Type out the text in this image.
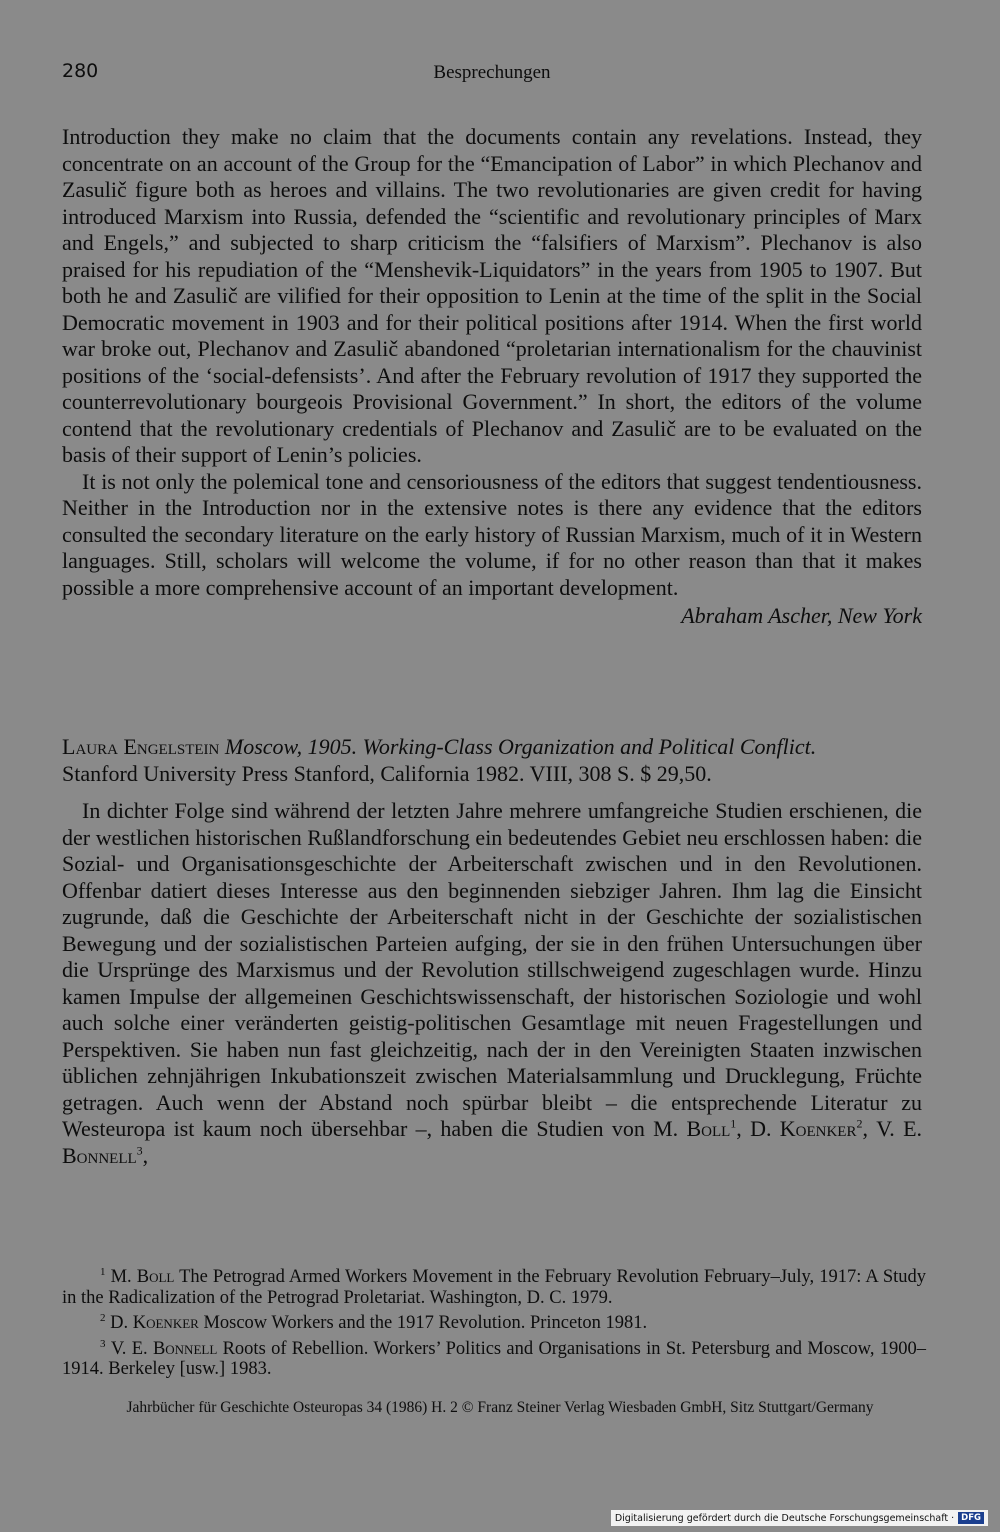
280	Besprechungen

Introduction they make no claim that the documents contain any revelations. Instead, they concentrate on an account of the Group for the “Emancipation of Labor” in which Plechanov and Zasulič figure both as heroes and villains. The two revolutionaries are given credit for having introduced Marxism into Russia, defended the “scientific and revolutionary principles of Marx and Engels,” and subjected to sharp criticism the “falsifiers of Marxism”. Plechanov is also praised for his repudiation of the “Menshevik-Liquidators” in the years from 1905 to 1907. But both he and Zasulič are vilified for their opposition to Lenin at the time of the split in the Social Democratic movement in 1903 and for their political positions after 1914. When the first world war broke out, Plechanov and Zasulič abandoned “proletarian internationalism for the chauvinist positions of the ‘social-defensists’. And after the February revolution of 1917 they supported the counterrevolutionary bourgeois Provisional Government.” In short, the editors of the volume contend that the revolutionary credentials of Plechanov and Zasulič are to be evaluated on the basis of their support of Lenin’s policies.

It is not only the polemical tone and censoriousness of the editors that suggest tendentiousness. Neither in the Introduction nor in the extensive notes is there any evidence that the editors consulted the secondary literature on the early history of Russian Marxism, much of it in Western languages. Still, scholars will welcome the volume, if for no other reason than that it makes possible a more comprehensive account of an important development.

Abraham Ascher, New York

Laura Engelstein Moscow, 1905. Working-Class Organization and Political Conflict.
Stanford University Press Stanford, California 1982. VIII, 308 S. $ 29,50.

In dichter Folge sind während der letzten Jahre mehrere umfangreiche Studien erschienen, die der westlichen historischen Rußlandforschung ein bedeutendes Gebiet neu erschlossen haben: die Sozial- und Organisationsgeschichte der Arbeiterschaft zwischen und in den Revolutionen. Offenbar datiert dieses Interesse aus den beginnenden siebziger Jahren. Ihm lag die Einsicht zugrunde, daß die Geschichte der Arbeiterschaft nicht in der Geschichte der sozialistischen Bewegung und der sozialistischen Parteien aufging, der sie in den frühen Untersuchungen über die Ursprünge des Marxismus und der Revolution stillschweigend zugeschlagen wurde. Hinzu kamen Impulse der allgemeinen Geschichtswissenschaft, der historischen Soziologie und wohl auch solche einer veränderten geistig-politischen Gesamtlage mit neuen Fragestellungen und Perspektiven. Sie haben nun fast gleichzeitig, nach der in den Vereinigten Staaten inzwischen üblichen zehnjährigen Inkubationszeit zwischen Materialsammlung und Drucklegung, Früchte getragen. Auch wenn der Abstand noch spürbar bleibt – die entsprechende Literatur zu Westeuropa ist kaum noch übersehbar –, haben die Studien von M. Boll$^1$, D. Koenker$^2$, V. E. Bonnell$^3$,

$^1$ M. Boll The Petrograd Armed Workers Movement in the February Revolution February–July, 1917: A Study in the Radicalization of the Petrograd Proletariat. Washington, D. C. 1979.

$^2$ D. Koenker Moscow Workers and the 1917 Revolution. Princeton 1981.

$^3$ V. E. Bonnell Roots of Rebellion. Workers’ Politics and Organisations in St. Petersburg and Moscow, 1900–1914. Berkeley [usw.] 1983.

Jahrbücher für Geschichte Osteuropas 34 (1986) H. 2 © Franz Steiner Verlag Wiesbaden GmbH, Sitz Stuttgart/Germany
Digitalisierung gefördert durch die Deutsche Forschungsgemeinschaft · DFG
